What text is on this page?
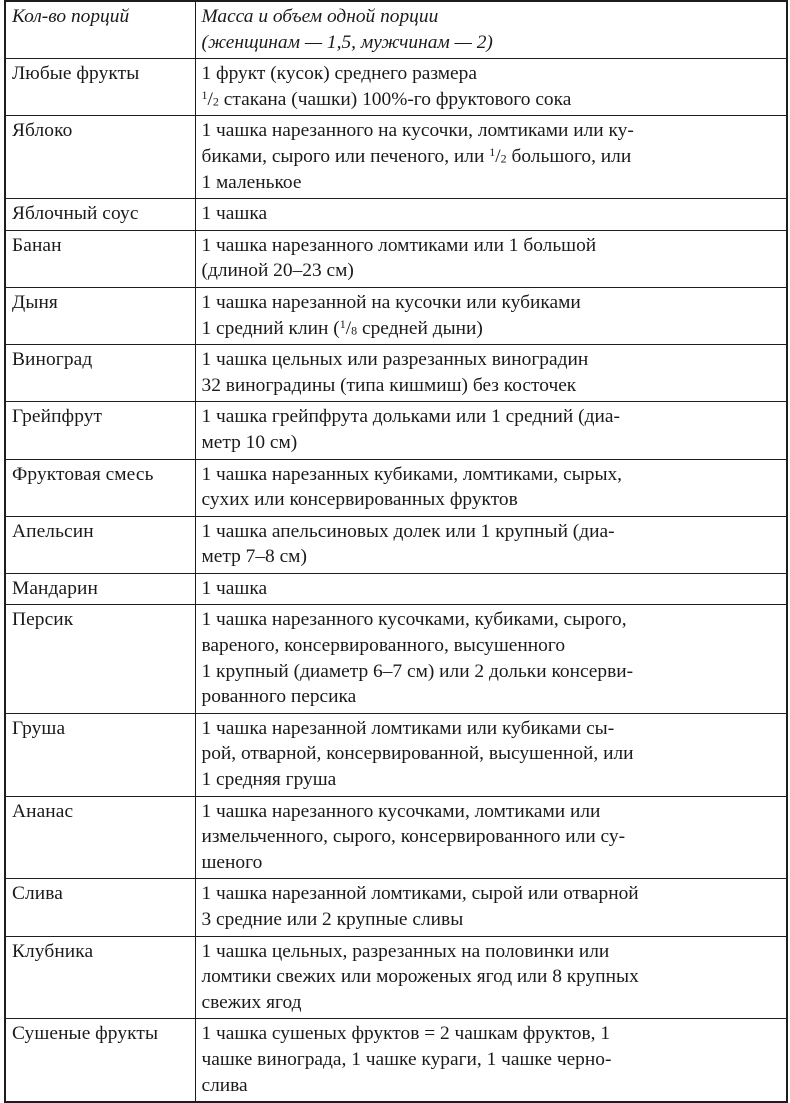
Кол-во порций	Масса и объем одной порции
(женщинам — 1,5, мужчинам — 2)

Любые фрукты	1 фрукт (кусок) среднего размера
$^1$/2 стакана (чашки) 100%-го фруктового сока

Яблоко	1 чашка нарезанного на кусочки, ломтиками или ку-
биками, сырого или печеного, или $^1$/2 большого, или
1 маленькое

Яблочный соус	1 чашка

Банан	1 чашка нарезанного ломтиками или 1 большой
(длиной 20–23 см)

Дыня	1 чашка нарезанной на кусочки или кубиками
1 средний клин ($^1$/8 средней дыни)

Виноград	1 чашка цельных или разрезанных виноградин
32 виноградины (типа кишмиш) без косточек

Грейпфрут	1 чашка грейпфрута дольками или 1 средний (диа-
метр 10 см)

Фруктовая смесь	1 чашка нарезанных кубиками, ломтиками, сырых,
сухих или консервированных фруктов

Апельсин	1 чашка апельсиновых долек или 1 крупный (диа-
метр 7–8 см)

Мандарин	1 чашка

Персик	1 чашка нарезанного кусочками, кубиками, сырого,
вареного, консервированного, высушенного
1 крупный (диаметр 6–7 см) или 2 дольки консерви-
рованного персика

Груша	1 чашка нарезанной ломтиками или кубиками сы-
рой, отварной, консервированной, высушенной, или
1 средняя груша

Ананас	1 чашка нарезанного кусочками, ломтиками или
измельченного, сырого, консервированного или су-
шеного

Слива	1 чашка нарезанной ломтиками, сырой или отварной
3 средние или 2 крупные сливы

Клубника	1 чашка цельных, разрезанных на половинки или
ломтики свежих или мороженых ягод или 8 крупных
свежих ягод

Сушеные фрукты	1 чашка сушеных фруктов = 2 чашкам фруктов, 1
чашке винограда, 1 чашке кураги, 1 чашке черно-
слива
